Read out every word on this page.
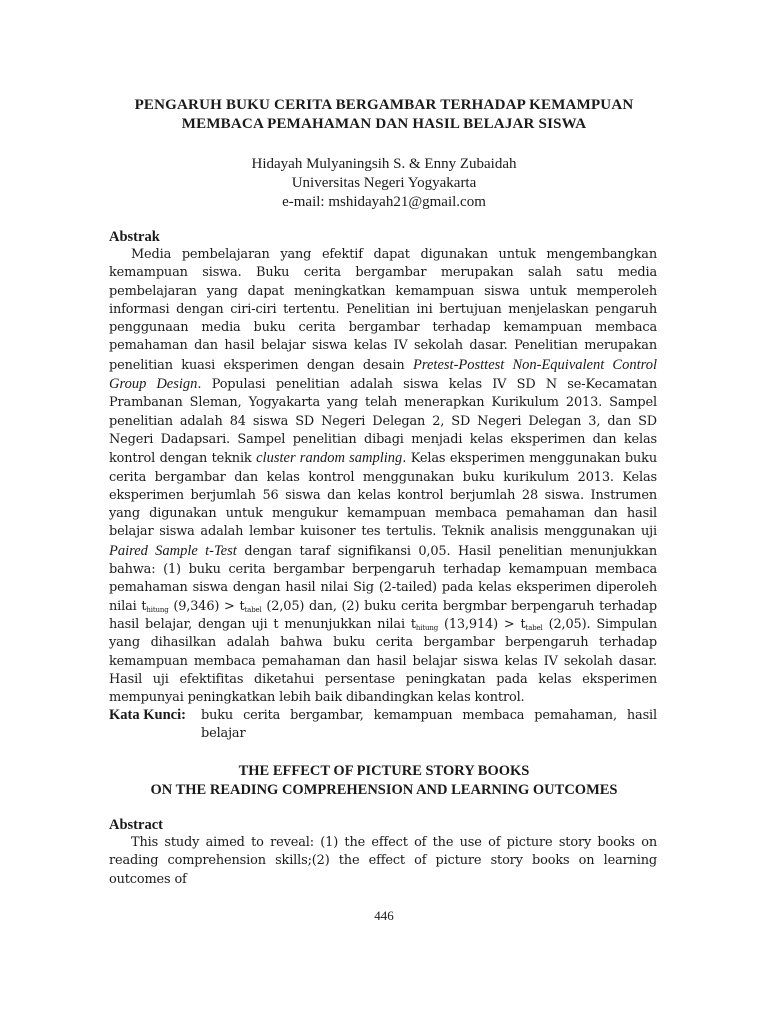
PENGARUH BUKU CERITA BERGAMBAR TERHADAP KEMAMPUAN
MEMBACA PEMAHAMAN DAN HASIL BELAJAR SISWA
Hidayah Mulyaningsih S. & Enny Zubaidah
Universitas Negeri Yogyakarta
e-mail: mshidayah21@gmail.com
Abstrak
Media pembelajaran yang efektif dapat digunakan untuk mengembangkan kemampuan siswa. Buku cerita bergambar merupakan salah satu media pembelajaran yang dapat meningkatkan kemampuan siswa untuk memperoleh informasi dengan ciri-ciri tertentu. Penelitian ini bertujuan menjelaskan pengaruh penggunaan media buku cerita bergambar terhadap kemampuan membaca pemahaman dan hasil belajar siswa kelas IV sekolah dasar. Penelitian merupakan penelitian kuasi eksperimen dengan desain Pretest-Posttest Non-Equivalent Control Group Design. Populasi penelitian adalah siswa kelas IV SD N se-Kecamatan Prambanan Sleman, Yogyakarta yang telah menerapkan Kurikulum 2013. Sampel penelitian adalah 84 siswa SD Negeri Delegan 2, SD Negeri Delegan 3, dan SD Negeri Dadapsari. Sampel penelitian dibagi menjadi kelas eksperimen dan kelas kontrol dengan teknik cluster random sampling. Kelas eksperimen menggunakan buku cerita bergambar dan kelas kontrol menggunakan buku kurikulum 2013. Kelas eksperimen berjumlah 56 siswa dan kelas kontrol berjumlah 28 siswa. Instrumen yang digunakan untuk mengukur kemampuan membaca pemahaman dan hasil belajar siswa adalah lembar kuisoner tes tertulis. Teknik analisis menggunakan uji Paired Sample t-Test dengan taraf signifikansi 0,05. Hasil penelitian menunjukkan bahwa: (1) buku cerita bergambar berpengaruh terhadap kemampuan membaca pemahaman siswa dengan hasil nilai Sig (2-tailed) pada kelas eksperimen diperoleh nilai $t_{hitung}$ $(9,346) > t_{tabel}$ (2,05) dan, (2) buku cerita bergmbar berpengaruh terhadap hasil belajar, dengan uji t menunjukkan nilai $t_{hitung}$ $(13,914) > t_{tabel}$ (2,05). Simpulan yang dihasilkan adalah bahwa buku cerita bergambar berpengaruh terhadap kemampuan membaca pemahaman dan hasil belajar siswa kelas IV sekolah dasar. Hasil uji efektifitas diketahui persentase peningkatan pada kelas eksperimen mempunyai peningkatkan lebih baik dibandingkan kelas kontrol.
Kata Kunci: buku cerita bergambar, kemampuan membaca pemahaman, hasil belajar
THE EFFECT OF PICTURE STORY BOOKS
ON THE READING COMPREHENSION AND LEARNING OUTCOMES
Abstract
This study aimed to reveal: (1) the effect of the use of picture story books on reading comprehension skills;(2) the effect of picture story books on learning outcomes of
446
